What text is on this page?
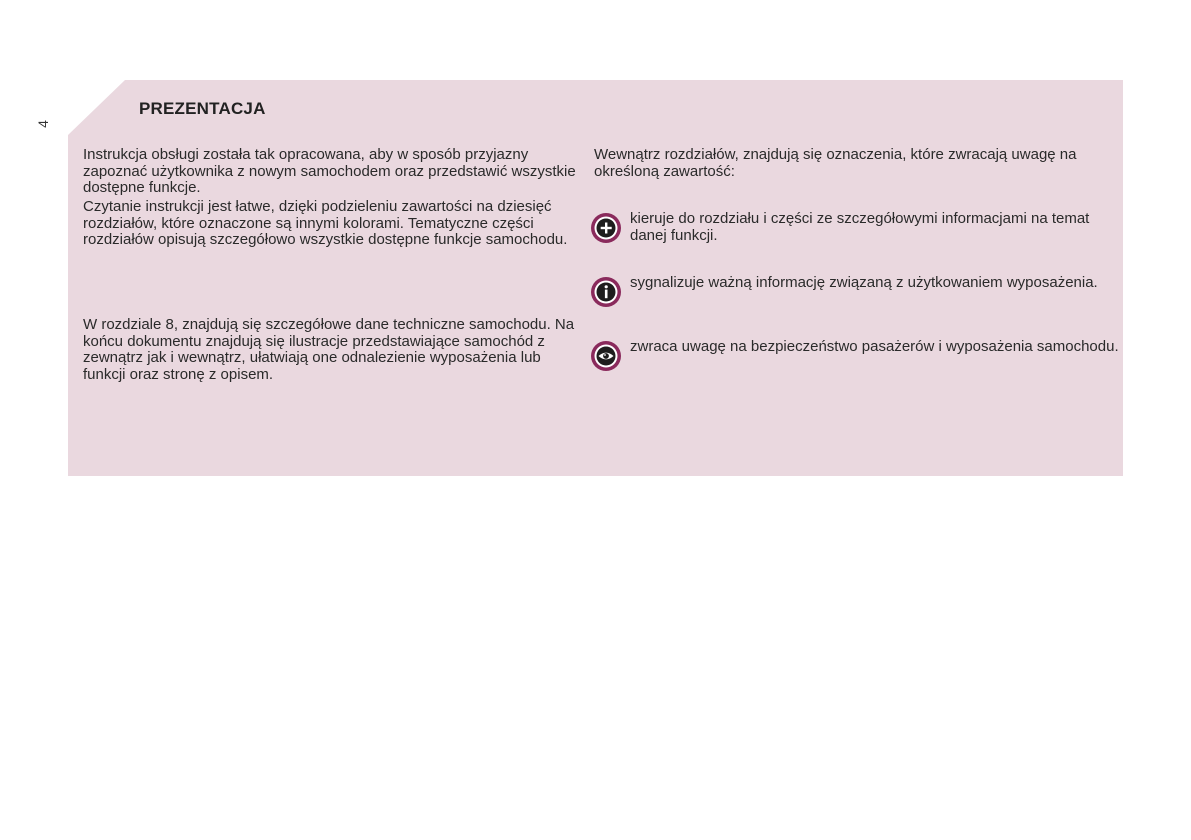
4
PREZENTACJA

Instrukcja obsługi została tak opracowana, aby w sposób przyjazny zapoznać użytkownika z nowym samochodem oraz przedstawić wszystkie dostępne funkcje.

Czytanie instrukcji jest łatwe, dzięki podzieleniu zawartości na dziesięć rozdziałów, które oznaczone są innymi kolorami. Tematyczne części rozdziałów opisują szczegółowo wszystkie dostępne funkcje samochodu.

W rozdziale 8, znajdują się szczegółowe dane techniczne samochodu. Na końcu dokumentu znajdują się ilustracje przedstawiające samochód z zewnątrz jak i wewnątrz, ułatwiają one odnalezienie wyposażenia lub funkcji oraz stronę z opisem.

Wewnątrz rozdziałów, znajdują się oznaczenia, które zwracają uwagę na określoną zawartość:

kieruje do rozdziału i części ze szczegółowymi informacjami na temat danej funkcji.
sygnalizuje ważną informację związaną z użytkowaniem wyposażenia.
zwraca uwagę na bezpieczeństwo pasażerów i wyposażenia samochodu.
